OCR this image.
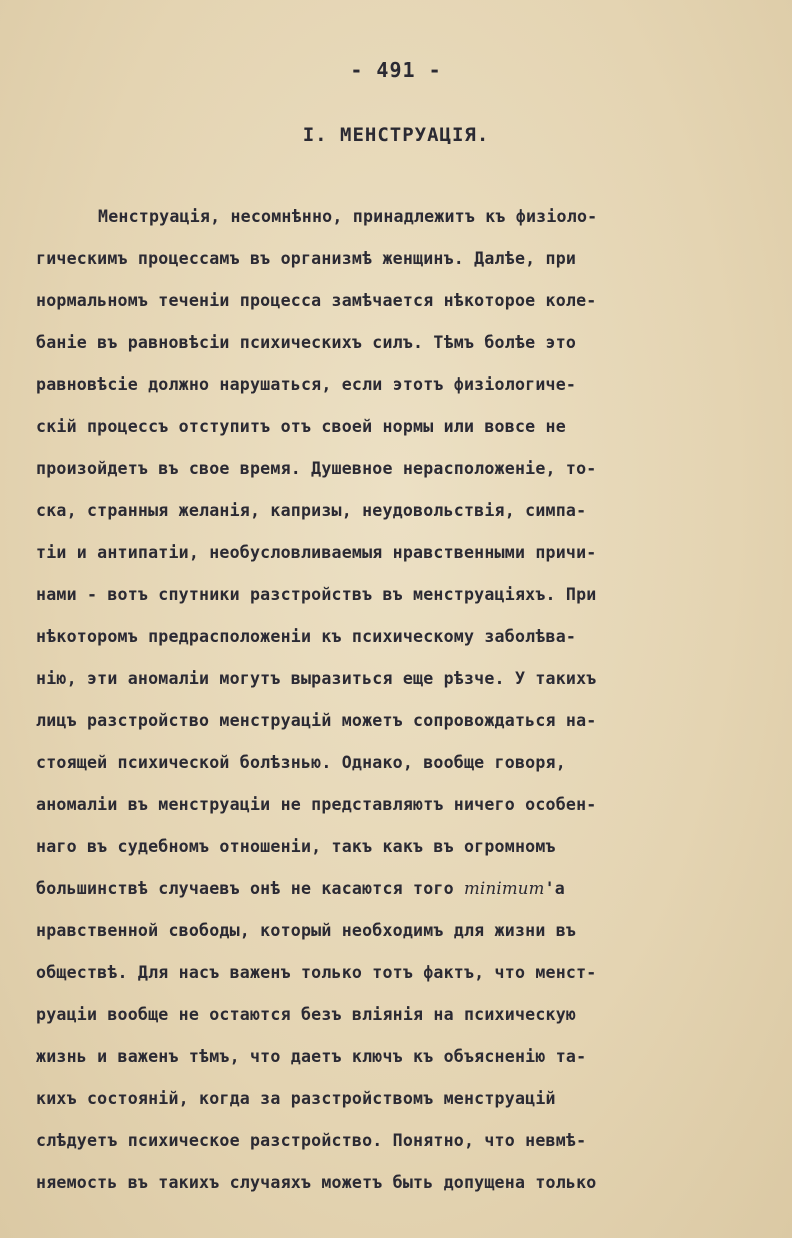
- 491 -
I. МЕНСТРУАЦІЯ.
Менструація, несомнѣнно, принадлежитъ къ физіоло-
гическимъ процессамъ въ организмѣ женщинъ. Далѣе, при
нормальномъ теченіи процесса замѣчается нѣкоторое коле-
баніе въ равновѣсіи психическихъ силъ. Тѣмъ болѣе это
равновѣсіе должно нарушаться, если этотъ физіологиче-
скій процессъ отступитъ отъ своей нормы или вовсе не
произойдетъ въ свое время. Душевное нерасположеніе, то-
ска, странныя желанія, капризы, неудовольствія, симпа-
тіи и антипатіи, необусловливаемыя нравственными причи-
нами - вотъ спутники разстройствъ въ менструаціяхъ. При
нѣкоторомъ предрасположеніи къ психическому заболѣва-
нію, эти аномаліи могутъ выразиться еще рѣзче. У такихъ
лицъ разстройство менструацій можетъ сопровождаться на-
стоящей психической болѣзнью. Однако, вообще говоря,
аномаліи въ менструаціи не представляютъ ничего особен-
наго въ судебномъ отношеніи, такъ какъ въ огромномъ
большинствѣ случаевъ онѣ не касаются того minimum'а
нравственной свободы, который необходимъ для жизни въ
обществѣ. Для насъ важенъ только тотъ фактъ, что менст-
руаціи вообще не остаются безъ вліянія на психическую
жизнь и важенъ тѣмъ, что даетъ ключъ къ объясненію та-
кихъ состояній, когда за разстройствомъ менструацій
слѣдуетъ психическое разстройство. Понятно, что невмѣ-
няемость въ такихъ случаяхъ можетъ быть допущена только
